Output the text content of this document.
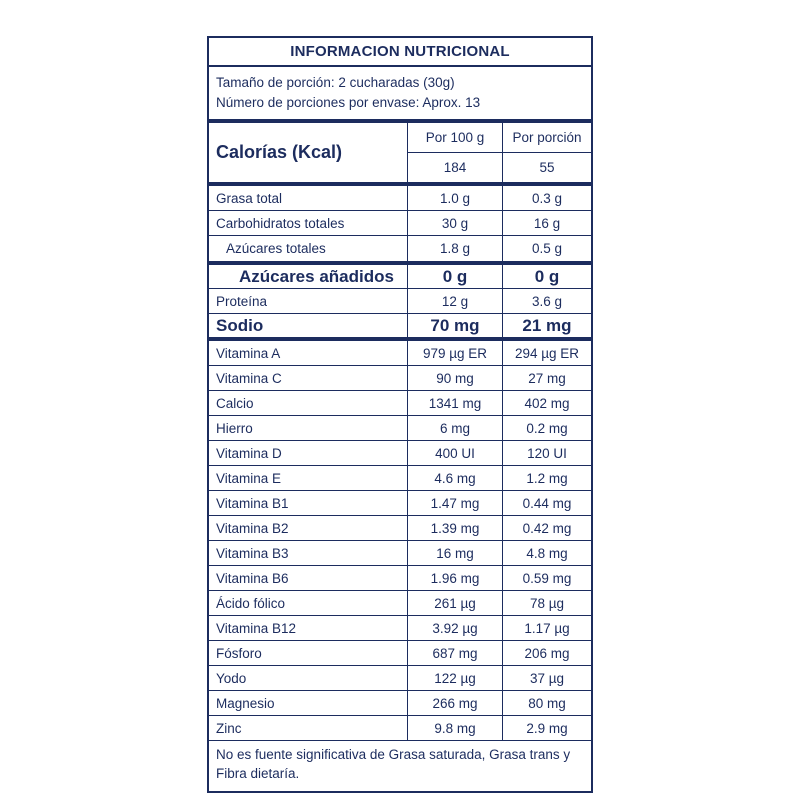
INFORMACION NUTRICIONAL
Tamaño de porción: 2 cucharadas (30g)
Número de porciones por envase: Aprox. 13
Calorías (Kcal)
Por 100 g	Por porción
184	55
Grasa total	1.0 g	0.3 g
Carbohidratos totales	30 g	16 g
Azúcares totales	1.8 g	0.5 g
Azúcares añadidos	0 g	0 g
Proteína	12 g	3.6 g
Sodio	70 mg	21 mg
Vitamina A	979 µg ER	294 µg ER
Vitamina C	90 mg	27 mg
Calcio	1341 mg	402 mg
Hierro	6 mg	0.2 mg
Vitamina D	400 UI	120 UI
Vitamina E	4.6 mg	1.2 mg
Vitamina B1	1.47 mg	0.44 mg
Vitamina B2	1.39 mg	0.42 mg
Vitamina B3	16 mg	4.8 mg
Vitamina B6	1.96 mg	0.59 mg
Ácido fólico	261 µg	78 µg
Vitamina B12	3.92 µg	1.17 µg
Fósforo	687 mg	206 mg
Yodo	122 µg	37 µg
Magnesio	266 mg	80 mg
Zinc	9.8 mg	2.9 mg
No es fuente significativa de Grasa saturada, Grasa trans y Fibra dietaría.
